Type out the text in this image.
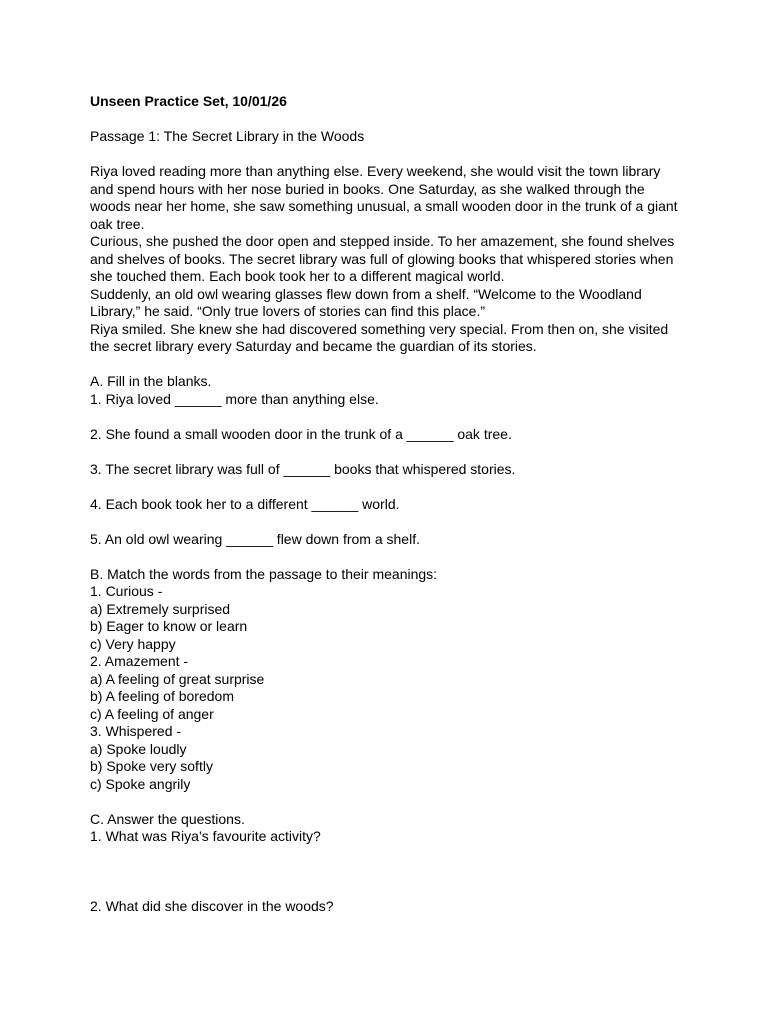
Unseen Practice Set, 10/01/26
Passage 1: The Secret Library in the Woods
Riya loved reading more than anything else. Every weekend, she would visit the town library
and spend hours with her nose buried in books. One Saturday, as she walked through the
woods near her home, she saw something unusual, a small wooden door in the trunk of a giant
oak tree.
Curious, she pushed the door open and stepped inside. To her amazement, she found shelves
and shelves of books. The secret library was full of glowing books that whispered stories when
she touched them. Each book took her to a different magical world.
Suddenly, an old owl wearing glasses flew down from a shelf. “Welcome to the Woodland
Library,” he said. “Only true lovers of stories can find this place.”
Riya smiled. She knew she had discovered something very special. From then on, she visited
the secret library every Saturday and became the guardian of its stories.
A. Fill in the blanks.
1. Riya loved ______ more than anything else.
2. She found a small wooden door in the trunk of a ______ oak tree.
3. The secret library was full of ______ books that whispered stories.
4. Each book took her to a different ______ world.
5. An old owl wearing ______ flew down from a shelf.
B. Match the words from the passage to their meanings:
1. Curious -
a) Extremely surprised
b) Eager to know or learn
c) Very happy
2. Amazement -
a) A feeling of great surprise
b) A feeling of boredom
c) A feeling of anger
3. Whispered -
a) Spoke loudly
b) Spoke very softly
c) Spoke angrily
C. Answer the questions.
1. What was Riya’s favourite activity?
2. What did she discover in the woods?
